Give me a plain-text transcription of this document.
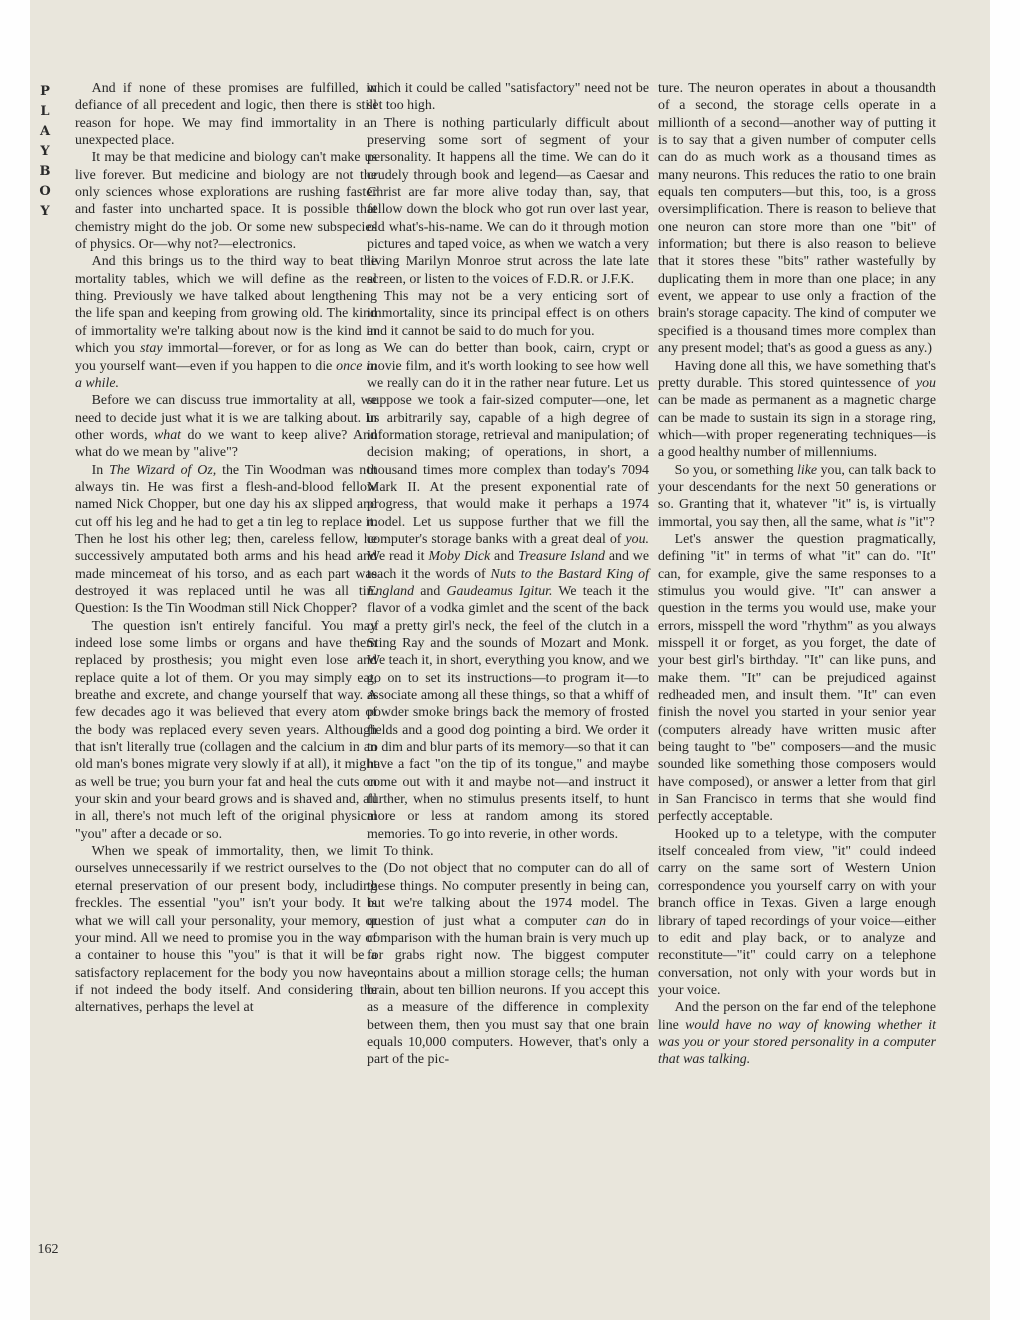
P
L
A
Y
B
O
Y
162

And if none of these promises are fulfilled, in defiance of all precedent and logic, then there is still reason for hope. We may find immortality in an unexpected place.

It may be that medicine and biology can't make us live forever. But medicine and biology are not the only sciences whose explorations are rushing faster and faster into uncharted space. It is possible that chemistry might do the job. Or some new subspecies of physics. Or—why not?—electronics.

And this brings us to the third way to beat the mortality tables, which we will define as the real thing. Previously we have talked about lengthening the life span and keeping from growing old. The kind of immortality we're talking about now is the kind in which you stay immortal—forever, or for as long as you yourself want—even if you happen to die once in a while.

Before we can discuss true immortality at all, we need to decide just what it is we are talking about. In other words, what do we want to keep alive? And what do we mean by "alive"?

In The Wizard of Oz, the Tin Woodman was not always tin. He was first a flesh-and-blood fellow named Nick Chopper, but one day his ax slipped and cut off his leg and he had to get a tin leg to replace it. Then he lost his other leg; then, careless fellow, he successively amputated both arms and his head and made mincemeat of his torso, and as each part was destroyed it was replaced until he was all tin. Question: Is the Tin Woodman still Nick Chopper?

The question isn't entirely fanciful. You may indeed lose some limbs or organs and have them replaced by prosthesis; you might even lose and replace quite a lot of them. Or you may simply eat, breathe and excrete, and change yourself that way. A few decades ago it was believed that every atom of the body was replaced every seven years. Although that isn't literally true (collagen and the calcium in an old man's bones migrate very slowly if at all), it might as well be true; you burn your fat and heal the cuts on your skin and your beard grows and is shaved and, all in all, there's not much left of the original physical "you" after a decade or so.

When we speak of immortality, then, we limit ourselves unnecessarily if we restrict ourselves to the eternal preservation of our present body, including freckles. The essential "you" isn't your body. It is what we will call your personality, your memory, or your mind. All we need to promise you in the way of a container to house this "you" is that it will be a satisfactory replacement for the body you now have, if not indeed the body itself. And considering the alternatives, perhaps the level at

which it could be called "satisfactory" need not be set too high.

There is nothing particularly difficult about preserving some sort of segment of your personality. It happens all the time. We can do it crudely through book and legend—as Caesar and Christ are far more alive today than, say, that fellow down the block who got run over last year, old what's-his-name. We can do it through motion pictures and taped voice, as when we watch a very living Marilyn Monroe strut across the late late screen, or listen to the voices of F.D.R. or J.F.K.

This may not be a very enticing sort of immortality, since its principal effect is on others and it cannot be said to do much for you.

We can do better than book, cairn, crypt or movie film, and it's worth looking to see how well we really can do it in the rather near future. Let us suppose we took a fair-sized computer—one, let us arbitrarily say, capable of a high degree of information storage, retrieval and manipulation; of decision making; of operations, in short, a thousand times more complex than today's 7094 Mark II. At the present exponential rate of progress, that would make it perhaps a 1974 model. Let us suppose further that we fill the computer's storage banks with a great deal of you. We read it Moby Dick and Treasure Island and we teach it the words of Nuts to the Bastard King of England and Gaudeamus Igitur. We teach it the flavor of a vodka gimlet and the scent of the back of a pretty girl's neck, the feel of the clutch in a Sting Ray and the sounds of Mozart and Monk. We teach it, in short, everything you know, and we go on to set its instructions—to program it—to associate among all these things, so that a whiff of powder smoke brings back the memory of frosted fields and a good dog pointing a bird. We order it to dim and blur parts of its memory—so that it can have a fact "on the tip of its tongue," and maybe come out with it and maybe not—and instruct it further, when no stimulus presents itself, to hunt more or less at random among its stored memories. To go into reverie, in other words.

To think.

(Do not object that no computer can do all of these things. No computer presently in being can, but we're talking about the 1974 model. The question of just what a computer can do in comparison with the human brain is very much up for grabs right now. The biggest computer contains about a million storage cells; the human brain, about ten billion neurons. If you accept this as a measure of the difference in complexity between them, then you must say that one brain equals 10,000 computers. However, that's only a part of the pic-

ture. The neuron operates in about a thousandth of a second, the storage cells operate in a millionth of a second—another way of putting it is to say that a given number of computer cells can do as much work as a thousand times as many neurons. This reduces the ratio to one brain equals ten computers—but this, too, is a gross oversimplification. There is reason to believe that one neuron can store more than one "bit" of information; but there is also reason to believe that it stores these "bits" rather wastefully by duplicating them in more than one place; in any event, we appear to use only a fraction of the brain's storage capacity. The kind of computer we specified is a thousand times more complex than any present model; that's as good a guess as any.)

Having done all this, we have something that's pretty durable. This stored quintessence of you can be made as permanent as a magnetic charge can be made to sustain its sign in a storage ring, which—with proper regenerating techniques—is a good healthy number of millenniums.

So you, or something like you, can talk back to your descendants for the next 50 generations or so. Granting that it, whatever "it" is, is virtually immortal, you say then, all the same, what is "it"?

Let's answer the question pragmatically, defining "it" in terms of what "it" can do. "It" can, for example, give the same responses to a stimulus you would give. "It" can answer a question in the terms you would use, make your errors, misspell the word "rhythm" as you always misspell it or forget, as you forget, the date of your best girl's birthday. "It" can like puns, and make them. "It" can be prejudiced against redheaded men, and insult them. "It" can even finish the novel you started in your senior year (computers already have written music after being taught to "be" composers—and the music sounded like something those composers would have composed), or answer a letter from that girl in San Francisco in terms that she would find perfectly acceptable.

Hooked up to a teletype, with the computer itself concealed from view, "it" could indeed carry on the same sort of Western Union correspondence you yourself carry on with your branch office in Texas. Given a large enough library of taped recordings of your voice—either to edit and play back, or to analyze and reconstitute—"it" could carry on a telephone conversation, not only with your words but in your voice.

And the person on the far end of the telephone line would have no way of knowing whether it was you or your stored personality in a computer that was talking.
